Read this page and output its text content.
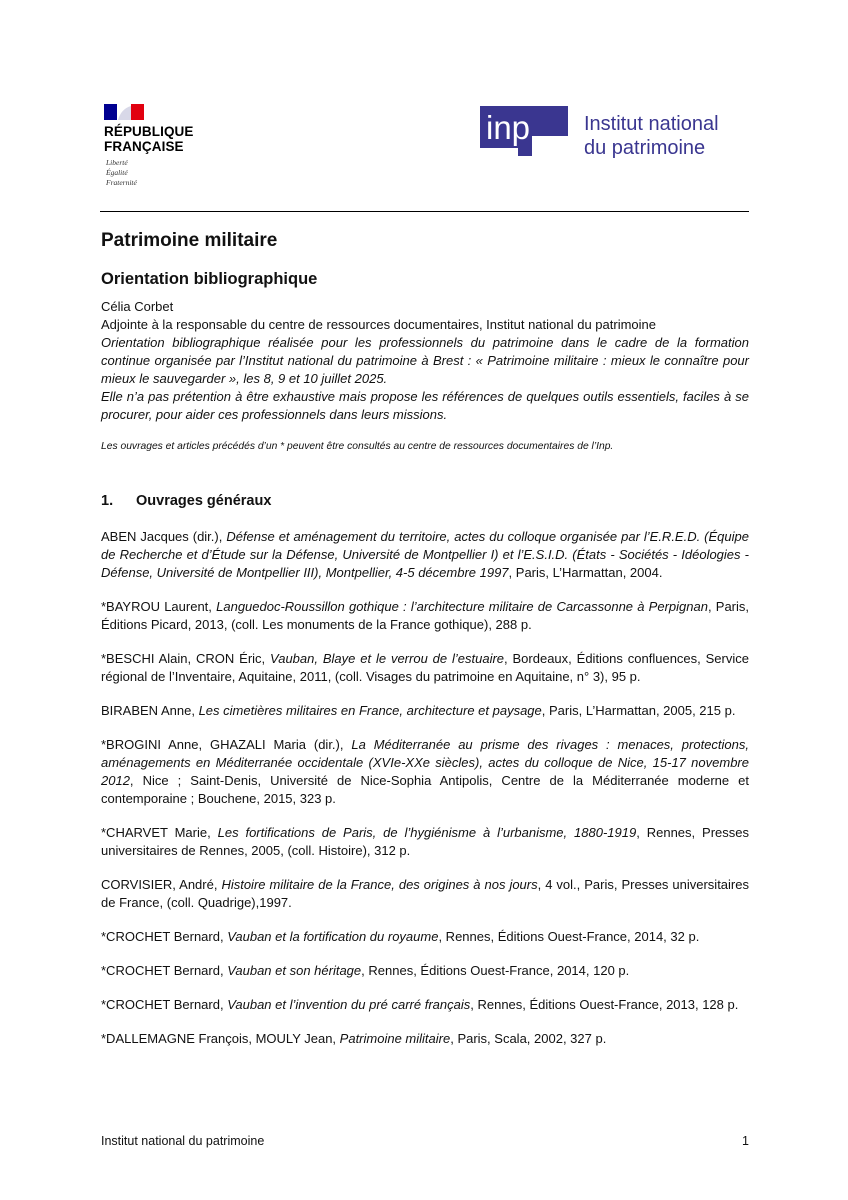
RÉPUBLIQUE
FRANÇAISE
Liberté
Égalité
Fraternité
inp	Institut national
du patrimoine
Patrimoine militaire
Orientation bibliographique

Célia Corbet

Adjointe à la responsable du centre de ressources documentaires, Institut national du patrimoine

Orientation bibliographique réalisée pour les professionnels du patrimoine dans le cadre de la formation continue organisée par l’Institut national du patrimoine à Brest : « Patrimoine militaire : mieux le connaître pour mieux le sauvegarder », les 8, 9 et 10 juillet 2025.

Elle n’a pas prétention à être exhaustive mais propose les références de quelques outils essentiels, faciles à se procurer, pour aider ces professionnels dans leurs missions.

Les ouvrages et articles précédés d’un * peuvent être consultés au centre de ressources documentaires de l’Inp.

1. Ouvrages généraux

ABEN Jacques (dir.), Défense et aménagement du territoire, actes du colloque organisée par l’E.R.E.D. (Équipe de Recherche et d’Étude sur la Défense, Université de Montpellier I) et l’E.S.I.D. (États - Sociétés - Idéologies - Défense, Université de Montpellier III), Montpellier, 4-5 décembre 1997, Paris, L’Harmattan, 2004.

*BAYROU Laurent, Languedoc-Roussillon gothique : l’architecture militaire de Carcassonne à Perpignan, Paris, Éditions Picard, 2013, (coll. Les monuments de la France gothique), 288 p.

*BESCHI Alain, CRON Éric, Vauban, Blaye et le verrou de l’estuaire, Bordeaux, Éditions confluences, Service régional de l’Inventaire, Aquitaine, 2011, (coll. Visages du patrimoine en Aquitaine, n° 3), 95 p.

BIRABEN Anne, Les cimetières militaires en France, architecture et paysage, Paris, L’Harmattan, 2005, 215 p.

*BROGINI Anne, GHAZALI Maria (dir.), La Méditerranée au prisme des rivages : menaces, protections, aménagements en Méditerranée occidentale (XVIe-XXe siècles), actes du colloque de Nice, 15-17 novembre 2012, Nice ; Saint-Denis, Université de Nice-Sophia Antipolis, Centre de la Méditerranée moderne et contemporaine ; Bouchene, 2015, 323 p.

*CHARVET Marie, Les fortifications de Paris, de l’hygiénisme à l’urbanisme, 1880-1919, Rennes, Presses universitaires de Rennes, 2005, (coll. Histoire), 312 p.

CORVISIER, André, Histoire militaire de la France, des origines à nos jours, 4 vol., Paris, Presses universitaires de France, (coll. Quadrige),1997.

*CROCHET Bernard, Vauban et la fortification du royaume, Rennes, Éditions Ouest-France, 2014, 32 p.

*CROCHET Bernard, Vauban et son héritage, Rennes, Éditions Ouest-France, 2014, 120 p.

*CROCHET Bernard, Vauban et l’invention du pré carré français, Rennes, Éditions Ouest-France, 2013, 128 p.

*DALLEMAGNE François, MOULY Jean, Patrimoine militaire, Paris, Scala, 2002, 327 p.

Institut national du patrimoine	1
